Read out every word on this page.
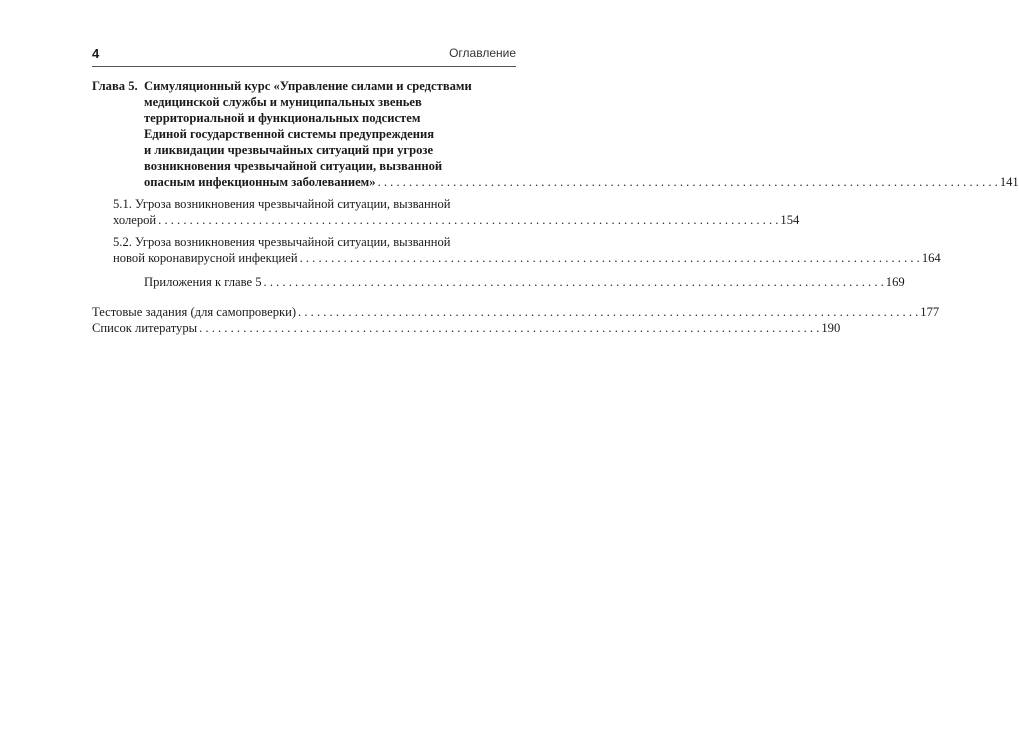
4	Оглавление
Глава 5. Симуляционный курс «Управление силами и средствами
медицинской службы и муниципальных звеньев
территориальной и функциональных подсистем
Единой государственной системы предупреждения
и ликвидации чрезвычайных ситуаций при угрозе
возникновения чрезвычайной ситуации, вызванной
опасным инфекционным заболеванием» . . .	141
5.1. Угроза возникновения чрезвычайной ситуации, вызванной
холерой . . .	154
5.2. Угроза возникновения чрезвычайной ситуации, вызванной
новой коронавирусной инфекцией . . .	164
Приложения к главе 5 . . .	169
Тестовые задания (для самопроверки) . . .	177
Список литературы . . .	190
